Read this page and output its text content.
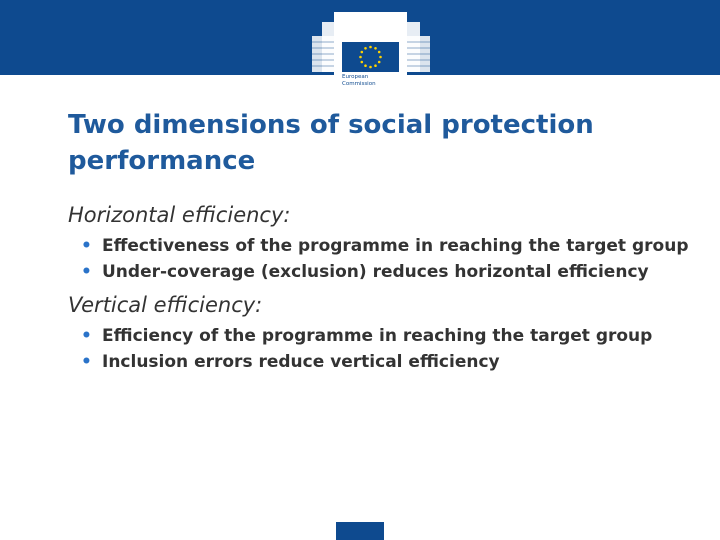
European
Commission
Two dimensions of social protection performance
Horizontal efficiency:
• Effectiveness of the programme in reaching the target group
• Under-coverage (exclusion) reduces horizontal efficiency
Vertical efficiency:
• Efficiency of the programme in reaching the target group
• Inclusion errors reduce vertical efficiency
